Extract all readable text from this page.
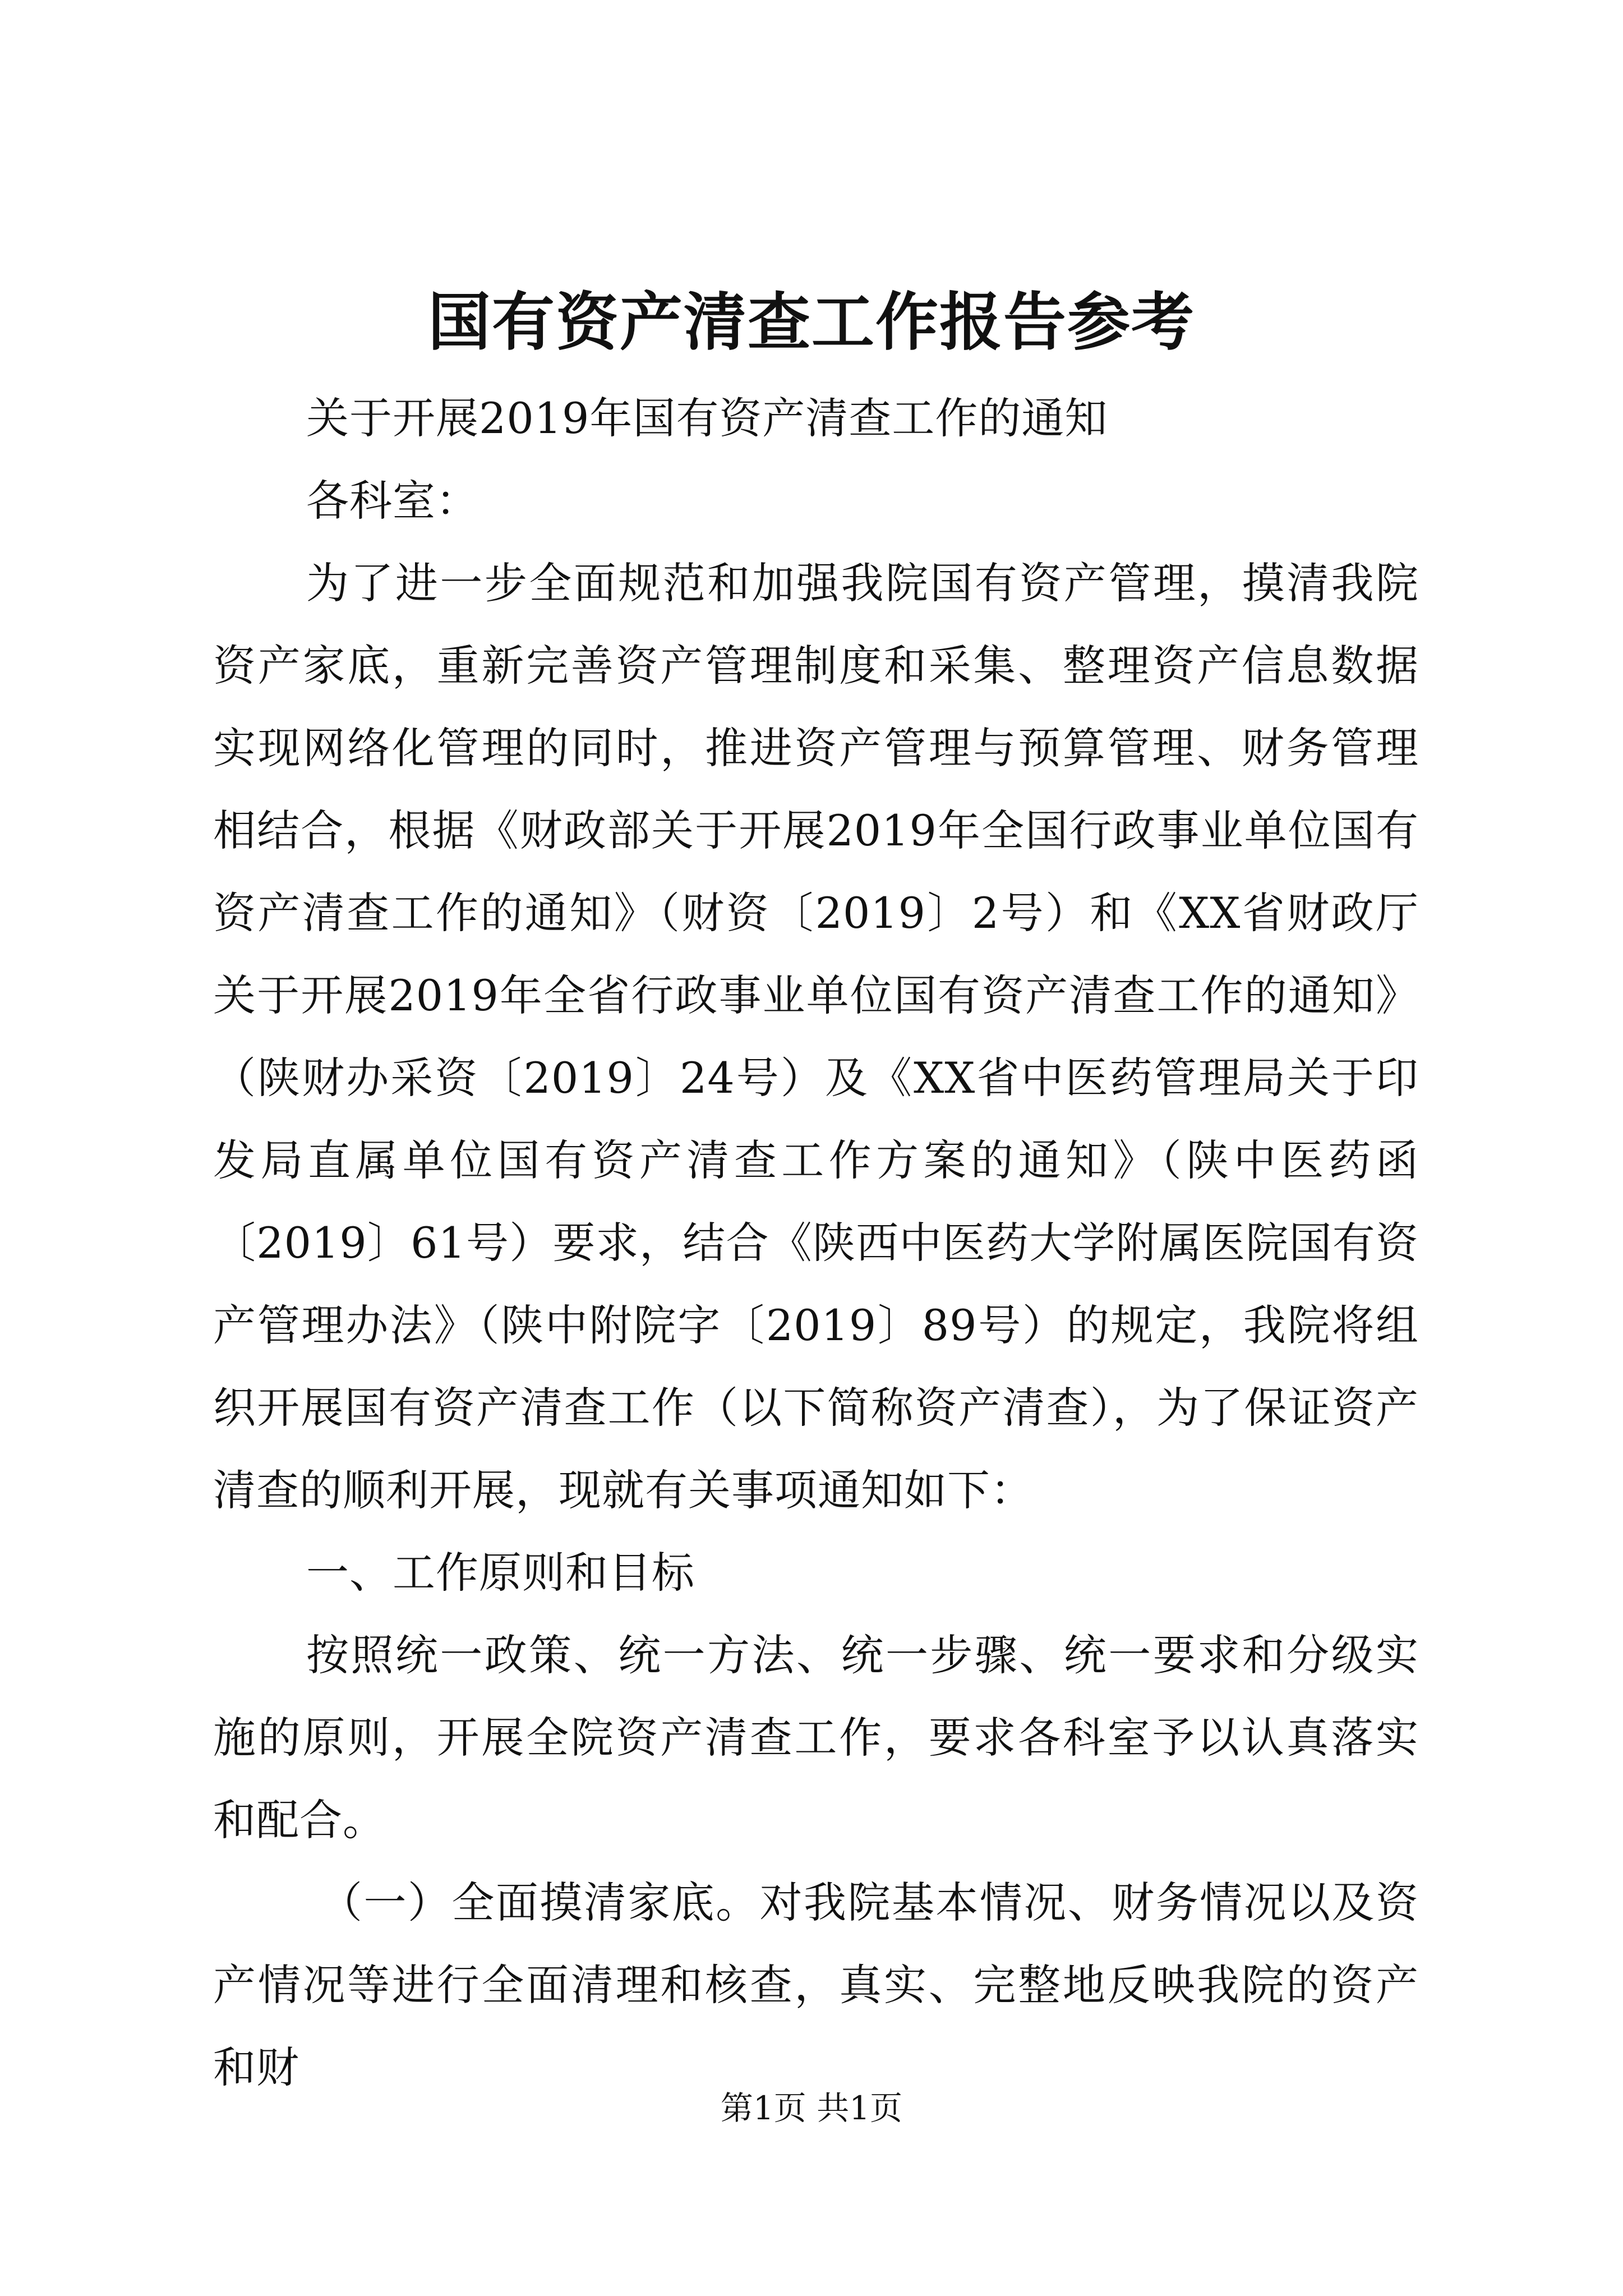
国有资产清查工作报告参考

关于开展2019年国有资产清查工作的通知

各科室：

为了进一步全面规范和加强我院国有资产管理，摸清我院资产家底，重新完善资产管理制度和采集、整理资产信息数据实现网络化管理的同时，推进资产管理与预算管理、财务管理相结合，根据《财政部关于开展2019年全国行政事业单位国有资产清查工作的通知》（财资〔2019〕2号）和《XX省财政厅关于开展2019年全省行政事业单位国有资产清查工作的通知》（陕财办采资〔2019〕24号）及《XX省中医药管理局关于印发局直属单位国有资产清查工作方案的通知》（陕中医药函〔2019〕61号）要求，结合《陕西中医药大学附属医院国有资产管理办法》（陕中附院字〔2019〕89号）的规定，我院将组织开展国有资产清查工作（以下简称资产清查），为了保证资产清查的顺利开展，现就有关事项通知如下：

一、工作原则和目标

按照统一政策、统一方法、统一步骤、统一要求和分级实施的原则，开展全院资产清查工作，要求各科室予以认真落实和配合。

（一）全面摸清家底。对我院基本情况、财务情况以及资产情况等进行全面清理和核查，真实、完整地反映我院的资产和财

第1页 共1页
